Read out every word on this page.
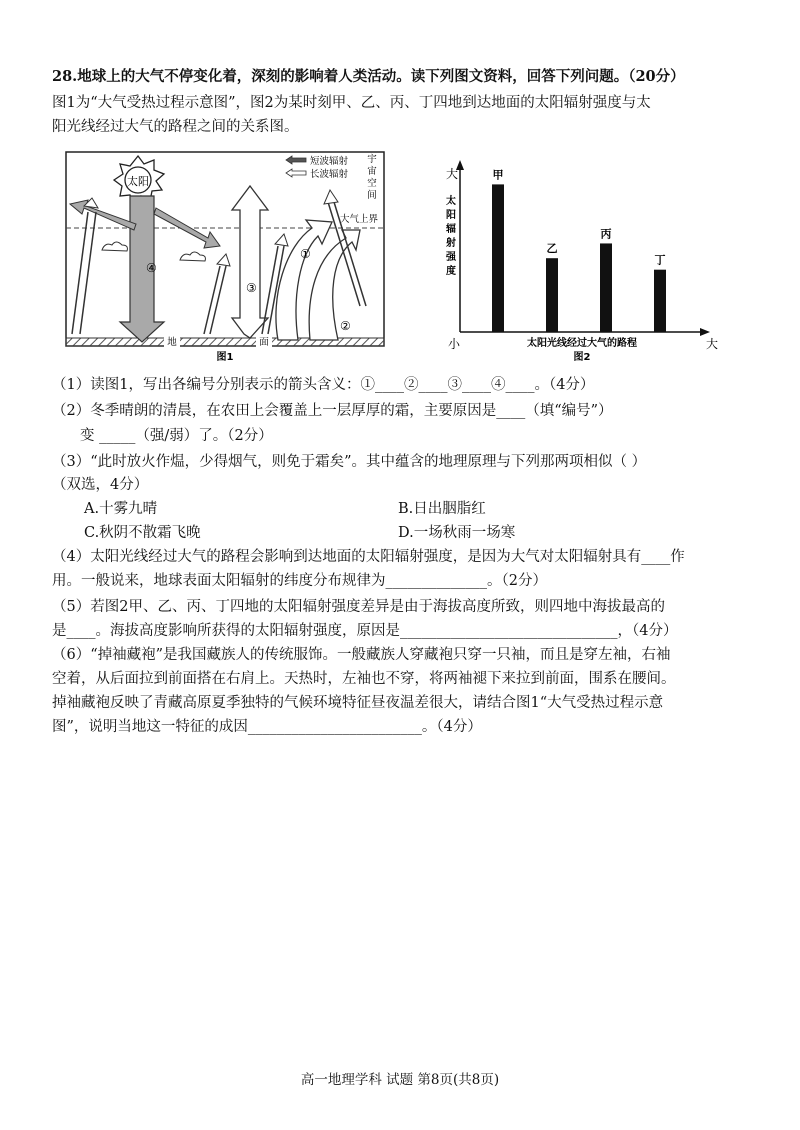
28.地球上的大气不停变化着，深刻的影响着人类活动。读下列图文资料，回答下列问题。（20分）
图1为“大气受热过程示意图”，图2为某时刻甲、乙、丙、丁四地到达地面的太阳辐射强度与太
阳光线经过大气的路程之间的关系图。
太阳
④
③
①
②
短波辐射
长波辐射
宇
宙
空
间
大气上界
地	面
图1
大
太
阳
辐
射
强
度
小	大
太阳光线经过大气的路程
图2
甲
乙
丙
丁
（1）读图1，写出各编号分别表示的箭头含义：①____②____③____④____。（4分）
（2）冬季晴朗的清晨，在农田上会覆盖上一层厚厚的霜，主要原因是____（填“编号”）
变 _____（强/弱）了。（2分）
（3）“此时放火作煴，少得烟气，则免于霜矣”。其中蕴含的地理原理与下列那两项相似（ ）
（双选，4分）
A.十雾九晴	B.日出胭脂红
C.秋阴不散霜飞晚	D.一场秋雨一场寒
（4）太阳光线经过大气的路程会影响到达地面的太阳辐射强度，是因为大气对太阳辐射具有____作
用。一般说来，地球表面太阳辐射的纬度分布规律为______________。（2分）
（5）若图2甲、乙、丙、丁四地的太阳辐射强度差异是由于海拔高度所致，则四地中海拔最高的
是____。海拔高度影响所获得的太阳辐射强度，原因是______________________________，（4分）
（6）“掉袖藏袍”是我国藏族人的传统服饰。一般藏族人穿藏袍只穿一只袖，而且是穿左袖，右袖
空着，从后面拉到前面搭在右肩上。天热时，左袖也不穿，将两袖褪下来拉到前面，围系在腰间。
掉袖藏袍反映了青藏高原夏季独特的气候环境特征昼夜温差很大，请结合图1“大气受热过程示意
图”，说明当地这一特征的成因________________________。（4分）
高一地理学科 试题 第8页(共8页)
